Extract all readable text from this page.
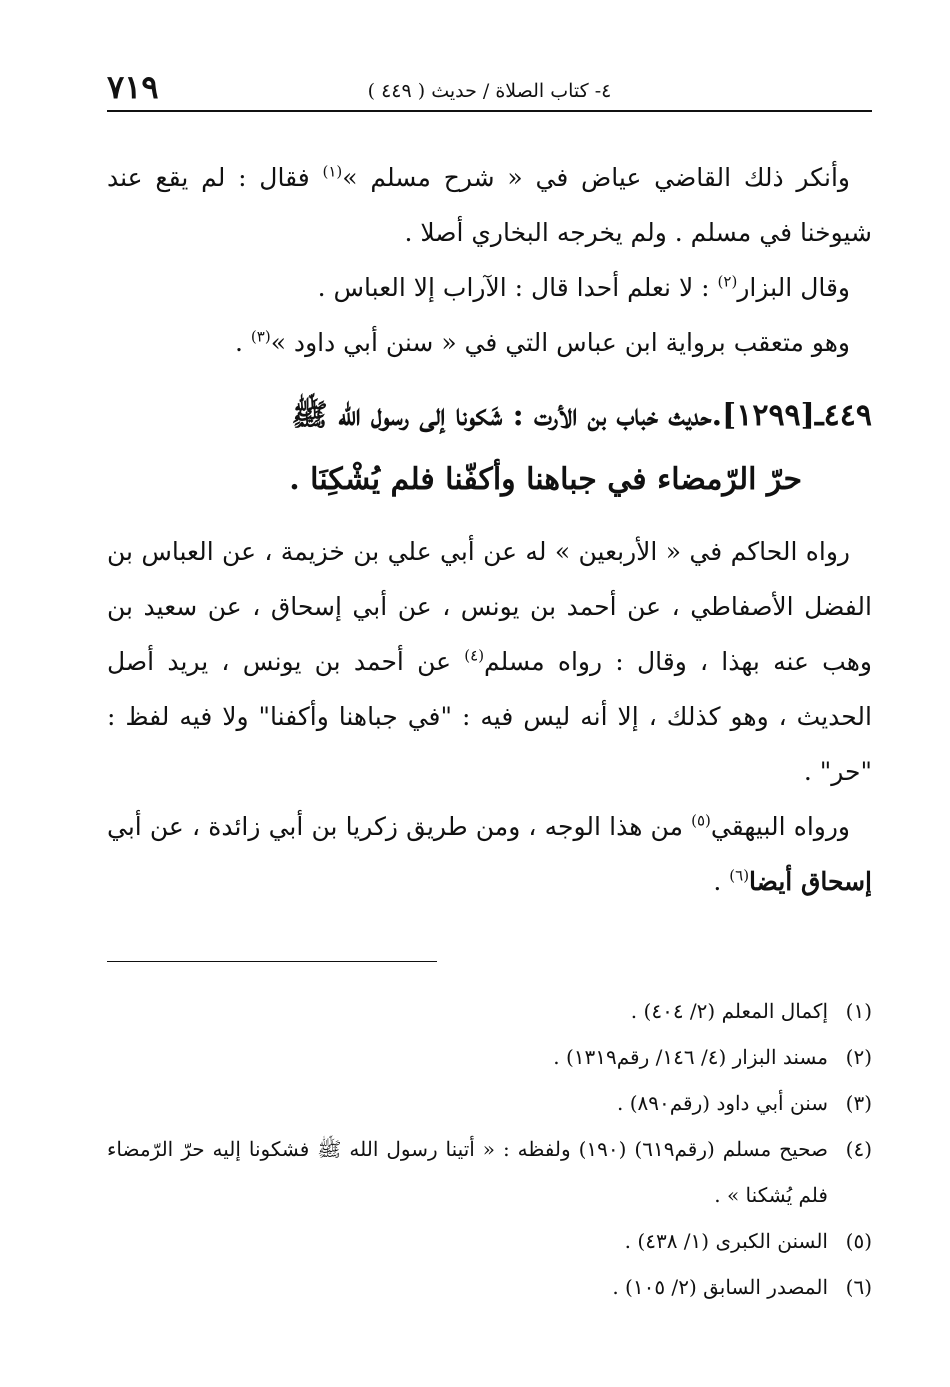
٤- كتاب الصلاة / حديث ( ٤٤٩ )
٧١٩

وأنكر ذلك القاضي عياض في « شرح مسلم »$^{(١)}$ فقال : لم يقع عند شيوخنا في مسلم . ولم يخرجه البخاري أصلا .

وقال البزار$^{(٢)}$ : لا نعلم أحدا قال : الآراب إلا العباس .

وهو متعقب برواية ابن عباس التي في « سنن أبي داود »$^{(٣)}$ .

٤٤٩ـ[١٢٩٩].حديث خباب بن الأرت : شَكونا إلى رسول الله ﷺ
حرّ الرّمضاء في جباهنا وأكفّنا فلم يُشْكِنَا .

رواه الحاكم في « الأربعين » له عن أبي علي بن خزيمة ، عن العباس بن الفضل الأصفاطي ، عن أحمد بن يونس ، عن أبي إسحاق ، عن سعيد بن وهب عنه بهذا ، وقال : رواه مسلم$^{(٤)}$ عن أحمد بن يونس ، يريد أصل الحديث ، وهو كذلك ، إلا أنه ليس فيه : "في جباهنا وأكفنا" ولا فيه لفظ : "حر" .

ورواه البيهقي$^{(٥)}$ من هذا الوجه ، ومن طريق زكريا بن أبي زائدة ، عن أبي إسحاق أيضا$^{(٦)}$ .

(١)
إكمال المعلم (٢/ ٤٠٤) .
(٢)
مسند البزار (٤/ ١٤٦/ رقم١٣١٩) .
(٣)
سنن أبي داود (رقم٨٩٠) .
(٤)
صحيح مسلم (رقم٦١٩) (١٩٠) ولفظه : « أتينا رسول الله ﷺ فشكونا إليه حرّ الرّمضاء فلم يُشكنا » .
(٥)
السنن الكبرى (١/ ٤٣٨) .
(٦)
المصدر السابق (٢/ ١٠٥) .
